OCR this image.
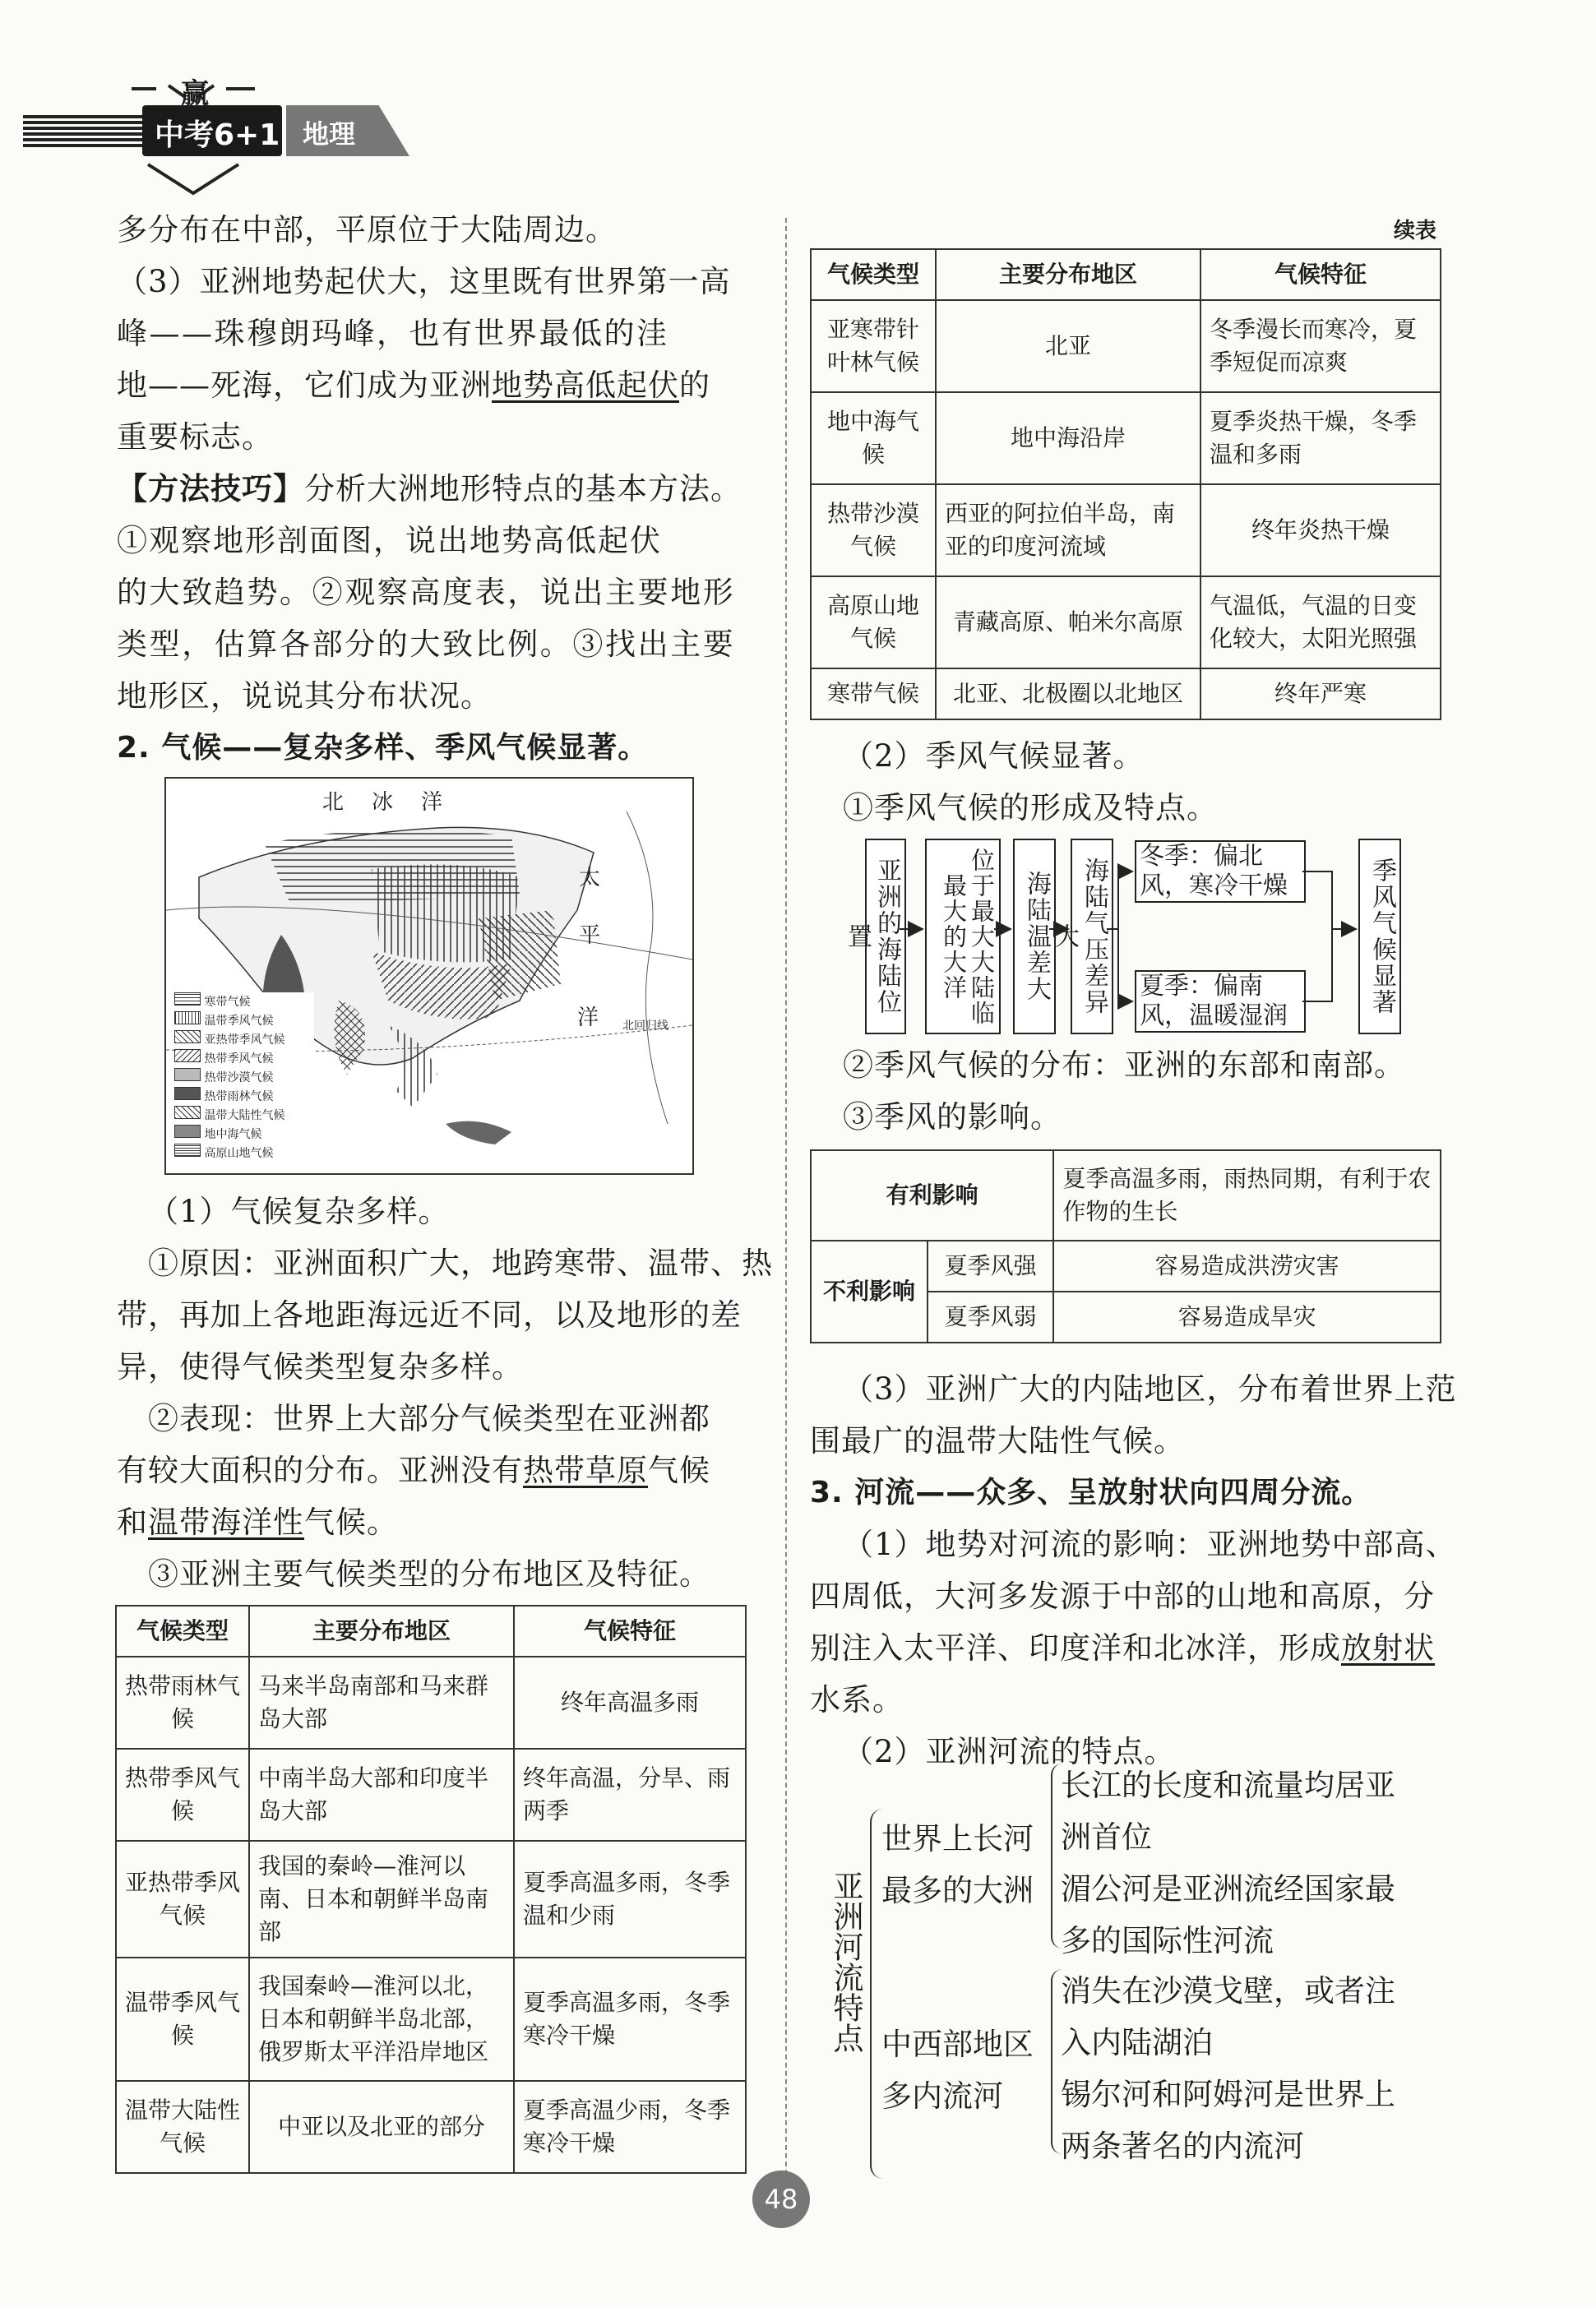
中考6+1 地理
赢
多分布在中部，平原位于大陆周边。
（3）亚洲地势起伏大，这里既有世界第一高
峰——珠穆朗玛峰，也有世界最低的洼
地——死海，它们成为亚洲地势高低起伏的
重要标志。
【方法技巧】分析大洲地形特点的基本方法。
①观察地形剖面图，说出地势高低起伏
的大致趋势。②观察高度表，说出主要地形
类型，估算各部分的大致比例。③找出主要
地形区，说说其分布状况。
2. 气候——复杂多样、季风气候显著。
北 冰 洋
太
平
洋 北回归线
寒带气候
温带季风气候
亚热带季风气候
热带季风气候
热带沙漠气候
热带雨林气候
温带大陆性气候
地中海气候
高原山地气候
（1）气候复杂多样。
①原因：亚洲面积广大，地跨寒带、温带、热
带，再加上各地距海远近不同，以及地形的差
异，使得气候类型复杂多样。
②表现：世界上大部分气候类型在亚洲都
有较大面积的分布。亚洲没有热带草原气候
和温带海洋性气候。
③亚洲主要气候类型的分布地区及特征。
气候类型	主要分布地区	气候特征
热带雨林气候	马来半岛南部和马来群岛大部	终年高温多雨
热带季风气候	中南半岛大部和印度半岛大部	终年高温，分旱、雨两季
亚热带季风气候	我国的秦岭—淮河以南、日本和朝鲜半岛南部	夏季高温多雨，冬季温和少雨
温带季风气候	我国秦岭—淮河以北，日本和朝鲜半岛北部，俄罗斯太平洋沿岸地区	夏季高温多雨，冬季寒冷干燥
温带大陆性气候	中亚以及北亚的部分	夏季高温少雨，冬季寒冷干燥
续表
气候类型	主要分布地区	气候特征
亚寒带针叶林气候	北亚	冬季漫长而寒冷，夏季短促而凉爽
地中海气候	地中海沿岸	夏季炎热干燥，冬季温和多雨
热带沙漠气候	西亚的阿拉伯半岛，南亚的印度河流域	终年炎热干燥
高原山地气候	青藏高原、帕米尔高原	气温低，气温的日变化较大，太阳光照强
寒带气候	北亚、北极圈以北地区	终年严寒
（2）季风气候显著。
①季风气候的形成及特点。
亚洲的海陆位置	位于最大大陆临最大的大洋	海陆温差大	海陆气压差异大
冬季：偏北风，寒冷干燥
夏季：偏南风，温暖湿润
季风气候显著
②季风气候的分布：亚洲的东部和南部。
③季风的影响。
有利影响		夏季高温多雨，雨热同期，有利于农作物的生长
不利影响	夏季风强	容易造成洪涝灾害
	夏季风弱	容易造成旱灾
（3）亚洲广大的内陆地区，分布着世界上范
围最广的温带大陆性气候。
3. 河流——众多、呈放射状向四周分流。
（1）地势对河流的影响：亚洲地势中部高、
四周低，大河多发源于中部的山地和高原，分
别注入太平洋、印度洋和北冰洋，形成放射状
水系。
（2）亚洲河流的特点。
亚洲河流特点
世界上长河最多的大洲
长江的长度和流量均居亚洲首位
湄公河是亚洲流经国家最多的国际性河流
中西部地区多内流河
消失在沙漠戈壁，或者注入内陆湖泊
锡尔河和阿姆河是世界上两条著名的内流河
48
